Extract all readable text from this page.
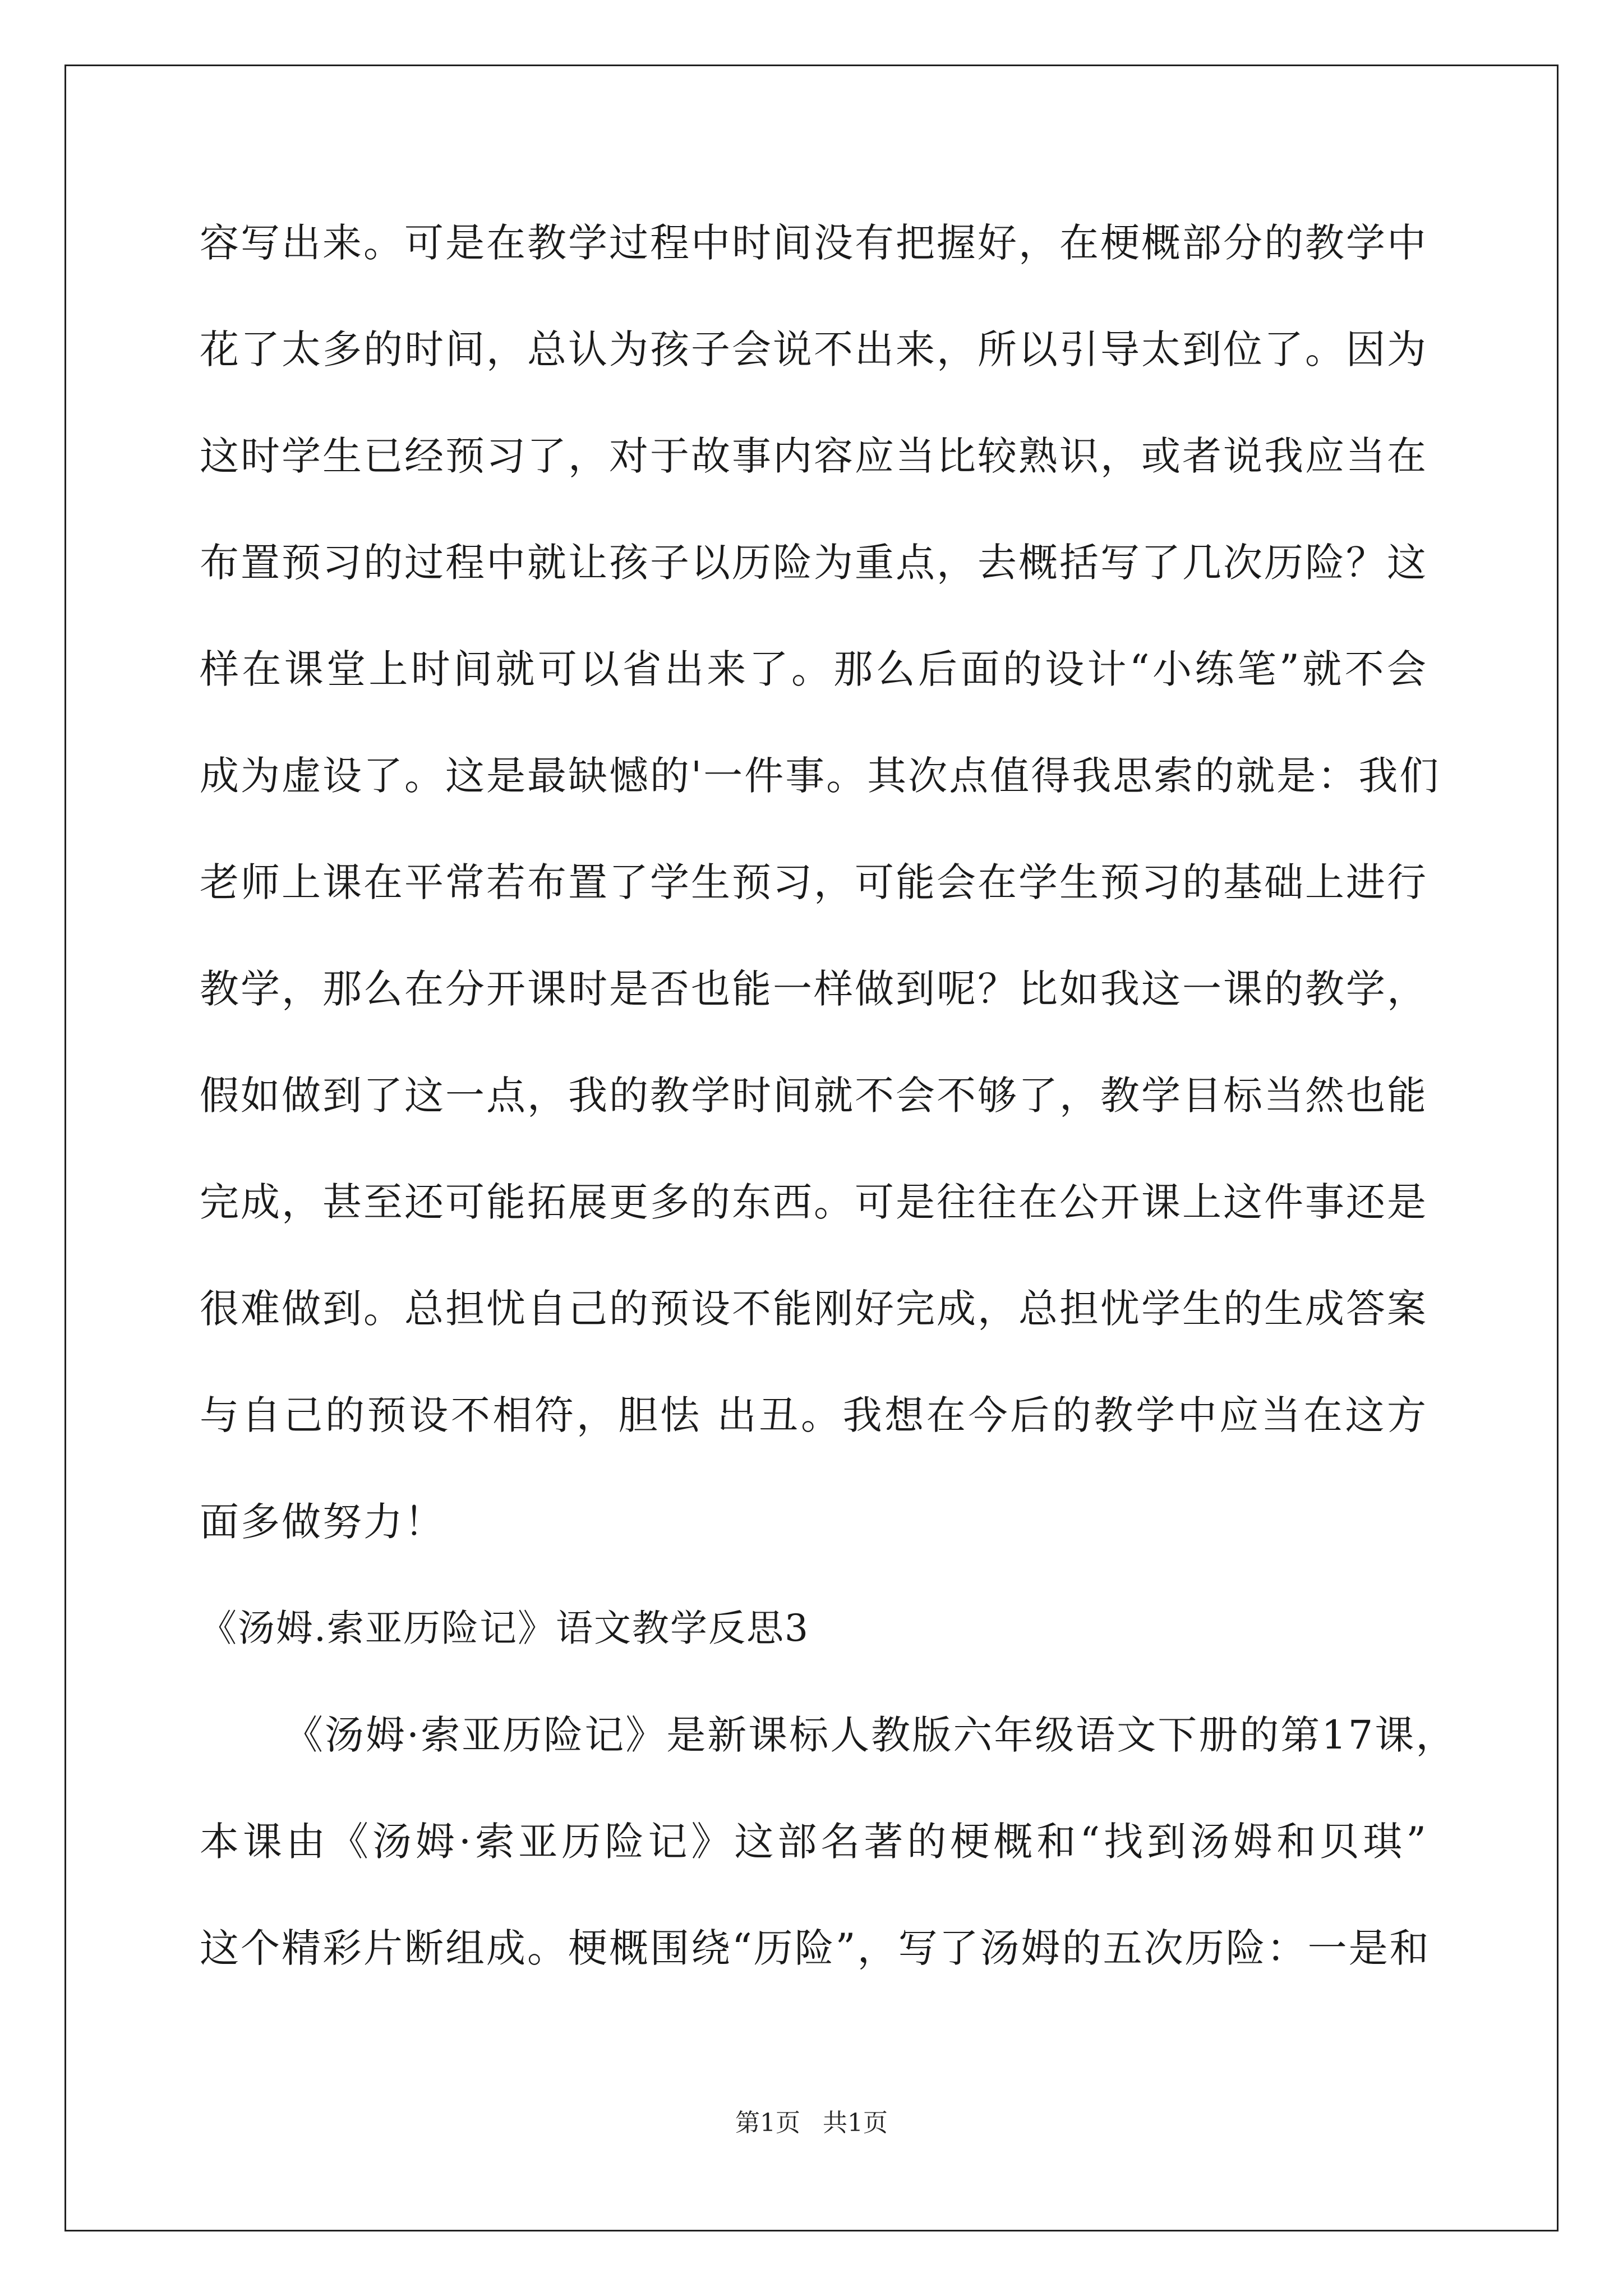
容写出来。可是在教学过程中时间没有把握好，在梗概部分的教学中
花了太多的时间，总认为孩子会说不出来，所以引导太到位了。因为
这时学生已经预习了，对于故事内容应当比较熟识，或者说我应当在
布置预习的过程中就让孩子以历险为重点，去概括写了几次历险？这
样在课堂上时间就可以省出来了。那么后面的设计“小练笔”就不会
成为虚设了。这是最缺憾的'一件事。其次点值得我思索的就是：我们
老师上课在平常若布置了学生预习，可能会在学生预习的基础上进行
教学，那么在分开课时是否也能一样做到呢？比如我这一课的教学，
假如做到了这一点，我的教学时间就不会不够了，教学目标当然也能
完成，甚至还可能拓展更多的东西。可是往往在公开课上这件事还是
很难做到。总担忧自己的预设不能刚好完成，总担忧学生的生成答案
与自己的预设不相符，胆怯 出丑。我想在今后的教学中应当在这方
面多做努力！
《汤姆.索亚历险记》语文教学反思3
《汤姆·索亚历险记》是新课标人教版六年级语文下册的第17课，
本课由《汤姆·索亚历险记》这部名著的梗概和“找到汤姆和贝琪”
这个精彩片断组成。梗概围绕“历险”，写了汤姆的五次历险：一是和
第1页 共1页
